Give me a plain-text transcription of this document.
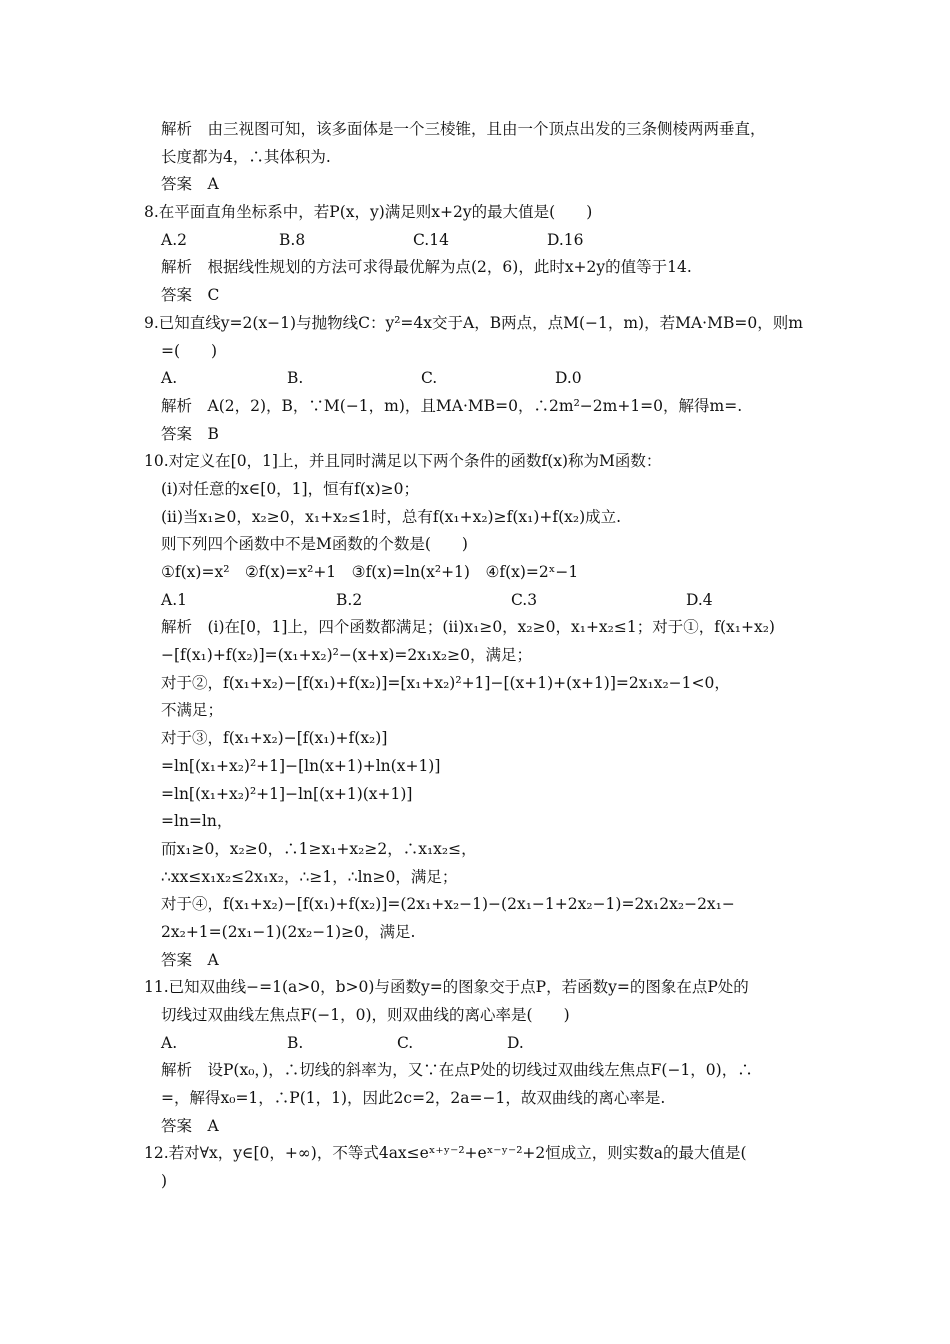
解析　由三视图可知，该多面体是一个三棱锥，且由一个顶点出发的三条侧棱两两垂直，
长度都为4，∴其体积为.
答案　A
8.在平面直角坐标系中，若P(x，y)满足则x+2y的最大值是(　　)
A.2	B.8	C.14	D.16
解析　根据线性规划的方法可求得最优解为点(2，6)，此时x+2y的值等于14.
答案　C
9.已知直线y=2(x−1)与抛物线C：y²=4x交于A，B两点，点M(−1，m)，若MA·MB=0，则m
=(　　)
A.	B.	C.	D.0
解析　A(2，2)，B，∵M(−1，m)，且MA·MB=0，∴2m²−2m+1=0，解得m=.
答案　B
10.对定义在[0，1]上，并且同时满足以下两个条件的函数f(x)称为M函数：
(ⅰ)对任意的x∈[0，1]，恒有f(x)≥0；
(ⅱ)当x₁≥0，x₂≥0，x₁+x₂≤1时，总有f(x₁+x₂)≥f(x₁)+f(x₂)成立.
则下列四个函数中不是M函数的个数是(　　)
①f(x)=x²　②f(x)=x²+1　③f(x)=ln(x²+1)　④f(x)=2ˣ−1
A.1	B.2	C.3	D.4
解析　(ⅰ)在[0，1]上，四个函数都满足；(ⅱ)x₁≥0，x₂≥0，x₁+x₂≤1；对于①，f(x₁+x₂)
−[f(x₁)+f(x₂)]=(x₁+x₂)²−(x+x)=2x₁x₂≥0，满足；
对于②，f(x₁+x₂)−[f(x₁)+f(x₂)]=[x₁+x₂)²+1]−[(x+1)+(x+1)]=2x₁x₂−1<0，
不满足；
对于③，f(x₁+x₂)−[f(x₁)+f(x₂)]
=ln[(x₁+x₂)²+1]−[ln(x+1)+ln(x+1)]
=ln[(x₁+x₂)²+1]−ln[(x+1)(x+1)]
=ln=ln，
而x₁≥0，x₂≥0，∴1≥x₁+x₂≥2，∴x₁x₂≤，
∴xx≤x₁x₂≤2x₁x₂，∴≥1，∴ln≥0，满足；
对于④，f(x₁+x₂)−[f(x₁)+f(x₂)]=(2x₁+x₂−1)−(2x₁−1+2x₂−1)=2x₁2x₂−2x₁−
2x₂+1=(2x₁−1)(2x₂−1)≥0，满足.
答案　A
11.已知双曲线−=1(a>0，b>0)与函数y=的图象交于点P，若函数y=的图象在点P处的
切线过双曲线左焦点F(−1，0)，则双曲线的离心率是(　　)
A.	B.	C.	D.
解析　设P(x₀，)，∴切线的斜率为，又∵在点P处的切线过双曲线左焦点F(−1，0)，∴
=，解得x₀=1，∴P(1，1)，因此2c=2，2a=−1，故双曲线的离心率是.
答案　A
12.若对∀x，y∈[0，+∞)，不等式4ax≤eˣ⁺ʸ⁻²+eˣ⁻ʸ⁻²+2恒成立，则实数a的最大值是(
)
